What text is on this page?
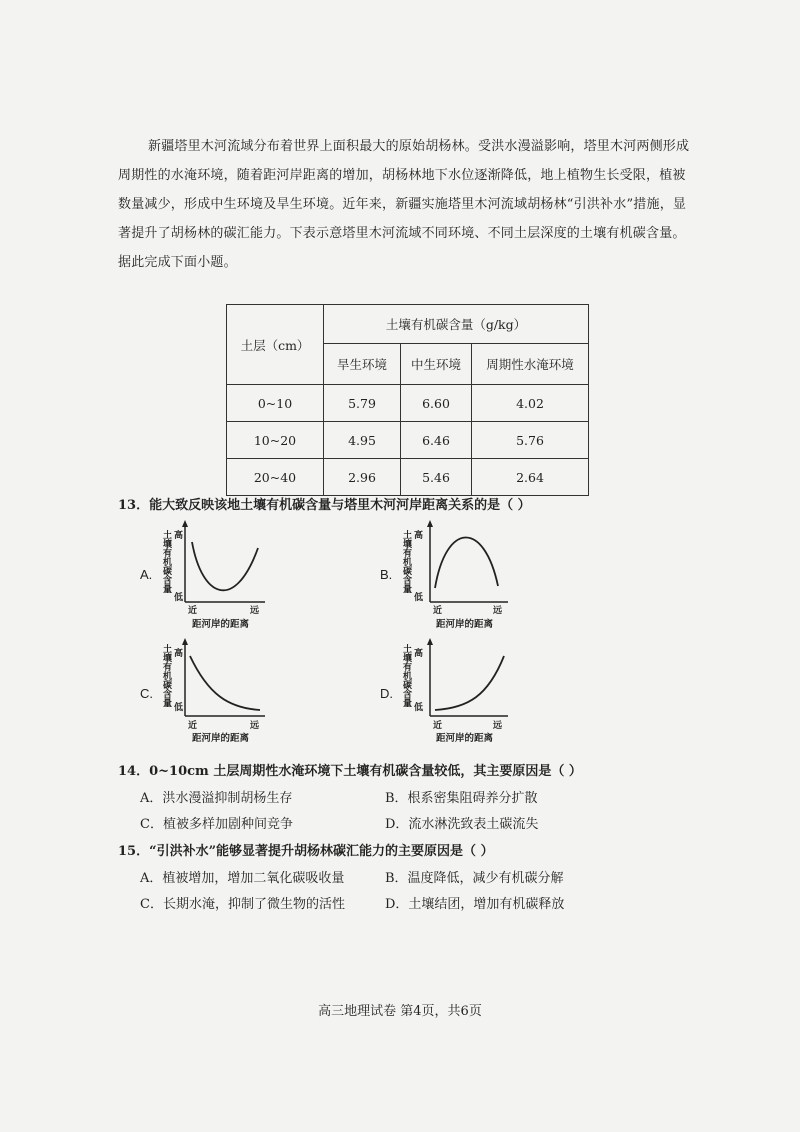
新疆塔里木河流域分布着世界上面积最大的原始胡杨林。受洪水漫溢影响，塔里木河两侧形成

周期性的水淹环境，随着距河岸距离的增加，胡杨林地下水位逐渐降低，地上植物生长受限，植被

数量减少，形成中生环境及旱生环境。近年来，新疆实施塔里木河流域胡杨林“引洪补水”措施，显

著提升了胡杨林的碳汇能力。下表示意塔里木河流域不同环境、不同土层深度的土壤有机碳含量。

据此完成下面小题。

土层（cm）	土壤有机碳含量（g/kg）		
	旱生环境	中生环境	周期性水淹环境
0~10	5.79	6.60	4.02
10~20	4.95	6.46	5.76
20~40	2.96	5.46	2.64
13．能大致反映该地土壤有机碳含量与塔里木河河岸距离关系的是（ ）
A. 土壤有机碳含量 高
低
近	远
距河岸的距离
B. 土壤有机碳含量 高
低
近	远
距河岸的距离
C. 土壤有机碳含量 高
低
近	远
距河岸的距离
D. 土壤有机碳含量 高
低
近	远
距河岸的距离
14．0~10cm 土层周期性水淹环境下土壤有机碳含量较低，其主要原因是（ ）
A．洪水漫溢抑制胡杨生存	B．根系密集阻碍养分扩散
C．植被多样加剧种间竞争	D．流水淋洗致表土碳流失
15．“引洪补水”能够显著提升胡杨林碳汇能力的主要原因是（ ）
A．植被增加，增加二氧化碳吸收量	B．温度降低，减少有机碳分解
C．长期水淹，抑制了微生物的活性	D．土壤结团，增加有机碳释放
高三地理试卷 第4页，共6页
